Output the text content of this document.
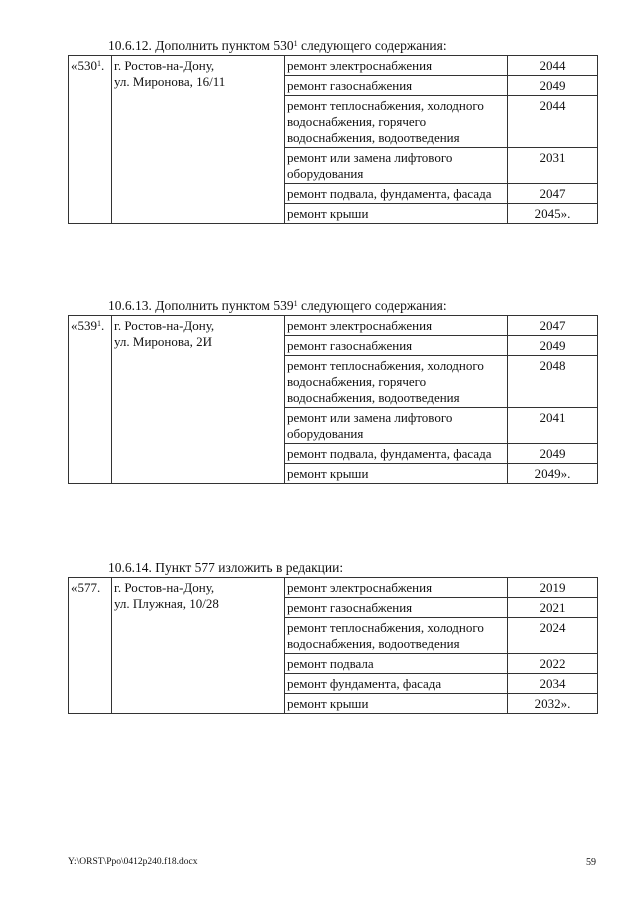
10.6.12. Дополнить пунктом $530^1$ следующего содержания:
«$530^1$.	г. Ростов-на-Дону,
ул. Миронова, 16/11	ремонт электроснабжения	2044
		ремонт газоснабжения	2049
		ремонт теплоснабжения, холодного водоснабжения, горячего водоснабжения, водоотведения	2044
		ремонт или замена лифтового оборудования	2031
		ремонт подвала, фундамента, фасада	2047
		ремонт крыши	2045».
10.6.13. Дополнить пунктом $539^1$ следующего содержания:
«$539^1$.	г. Ростов-на-Дону,
ул. Миронова, 2И	ремонт электроснабжения	2047
		ремонт газоснабжения	2049
		ремонт теплоснабжения, холодного водоснабжения, горячего водоснабжения, водоотведения	2048
		ремонт или замена лифтового оборудования	2041
		ремонт подвала, фундамента, фасада	2049
		ремонт крыши	2049».
10.6.14. Пункт 577 изложить в редакции:
«577.	г. Ростов-на-Дону,
ул. Плужная, 10/28	ремонт электроснабжения	2019
		ремонт газоснабжения	2021
		ремонт теплоснабжения, холодного водоснабжения, водоотведения	2024
		ремонт подвала	2022
		ремонт фундамента, фасада	2034
		ремонт крыши	2032».
Y:\ORST\Ppo\0412p240.f18.docx	59
